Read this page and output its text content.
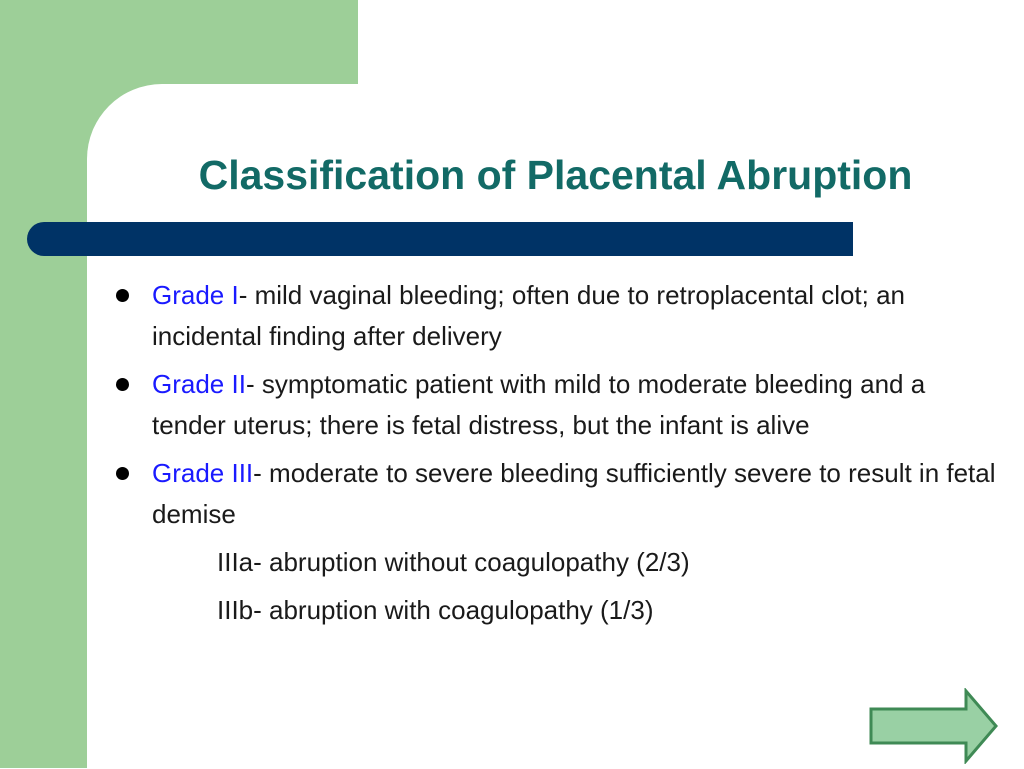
Classification of Placental Abruption
Grade I- mild vaginal bleeding; often due to retroplacental clot; an incidental finding after delivery
Grade II- symptomatic patient with mild to moderate bleeding and a tender uterus; there is fetal distress, but the infant is alive
Grade III- moderate to severe bleeding sufficiently severe to result in fetal demise
IIIa- abruption without coagulopathy (2/3)
IIIb- abruption with coagulopathy (1/3)
